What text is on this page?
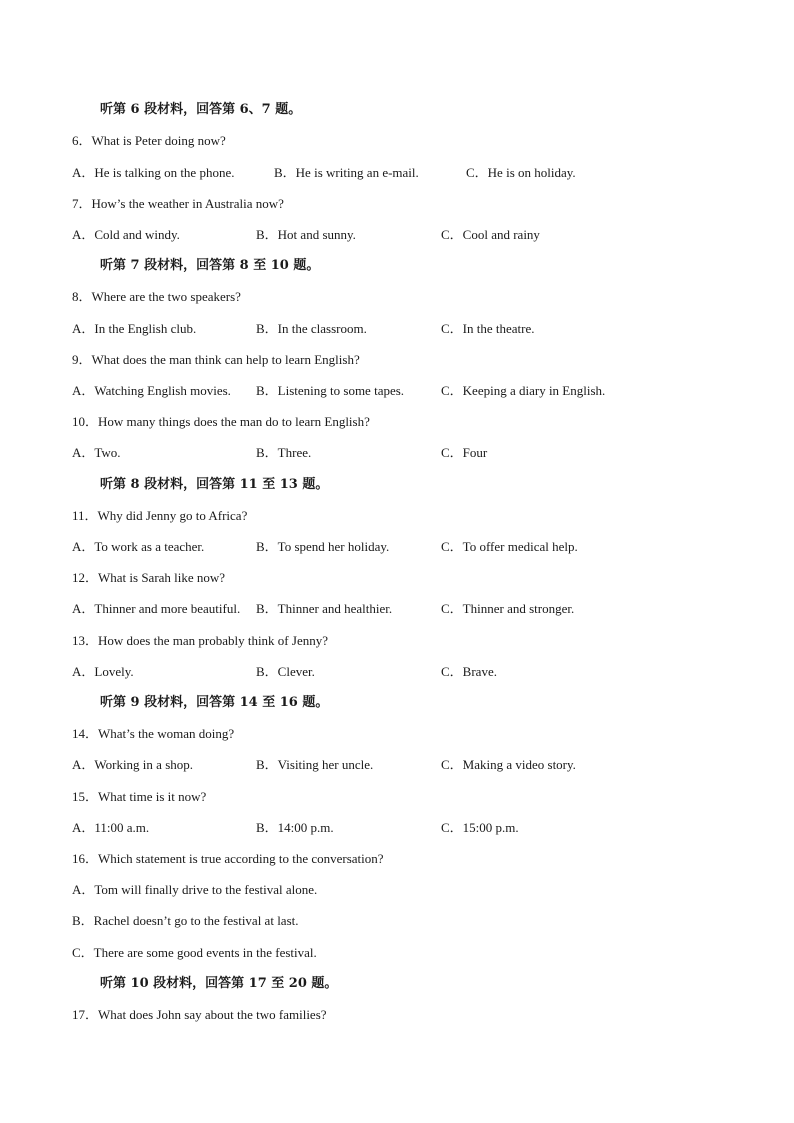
听第 6 段材料，回答第 6、7 题。
6．What is Peter doing now?
A．He is talking on the phone.	B．He is writing an e-mail.	C．He is on holiday.
7．How’s the weather in Australia now?
A．Cold and windy.	B．Hot and sunny.	C．Cool and rainy
听第 7 段材料，回答第 8 至 10 题。
8．Where are the two speakers?
A．In the English club.	B．In the classroom.	C．In the theatre.
9．What does the man think can help to learn English?
A．Watching English movies. B．Listening to some tapes.	C．Keeping a diary in English.
10．How many things does the man do to learn English?
A．Two.	B．Three.	C．Four
听第 8 段材料，回答第 11 至 13 题。
11．Why did Jenny go to Africa?
A．To work as a teacher.	B．To spend her holiday.	C．To offer medical help.
12．What is Sarah like now?
A．Thinner and more beautiful. B．Thinner and healthier.	C．Thinner and stronger.
13．How does the man probably think of Jenny?
A．Lovely.	B．Clever.	C．Brave.
听第 9 段材料，回答第 14 至 16 题。
14．What’s the woman doing?
A．Working in a shop.	B．Visiting her uncle.	C．Making a video story.
15．What time is it now?
A．11:00 a.m.	B．14:00 p.m.	C．15:00 p.m.
16．Which statement is true according to the conversation?
A．Tom will finally drive to the festival alone.
B．Rachel doesn’t go to the festival at last.
C．There are some good events in the festival.
听第 10 段材料，回答第 17 至 20 题。
17．What does John say about the two families?
